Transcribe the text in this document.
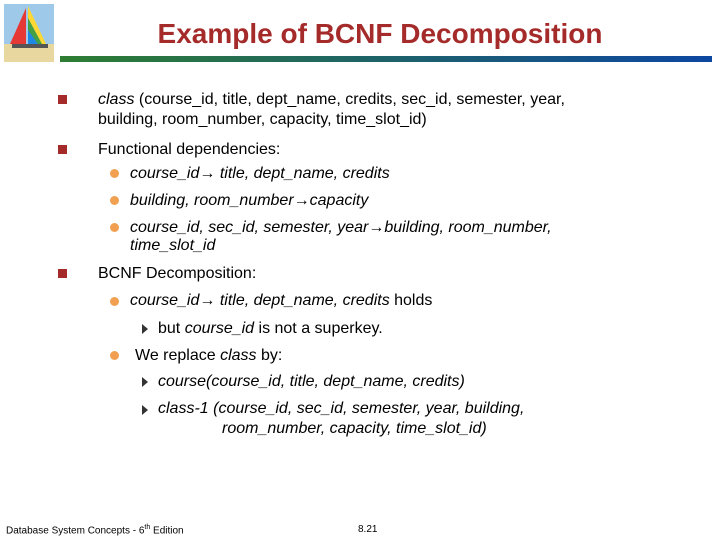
Example of BCNF Decomposition
class (course_id, title, dept_name, credits, sec_id, semester, year,
building, room_number, capacity, time_slot_id)
Functional dependencies:
course_id→ title, dept_name, credits
building, room_number→capacity
course_id, sec_id, semester, year→building, room_number,
time_slot_id
BCNF Decomposition:
course_id→ title, dept_name, credits holds
but course_id is not a superkey.
We replace class by:
course(course_id, title, dept_name, credits)
class-1 (course_id, sec_id, semester, year, building,
room_number, capacity, time_slot_id)
Database System Concepts - 6th Edition	8.21
